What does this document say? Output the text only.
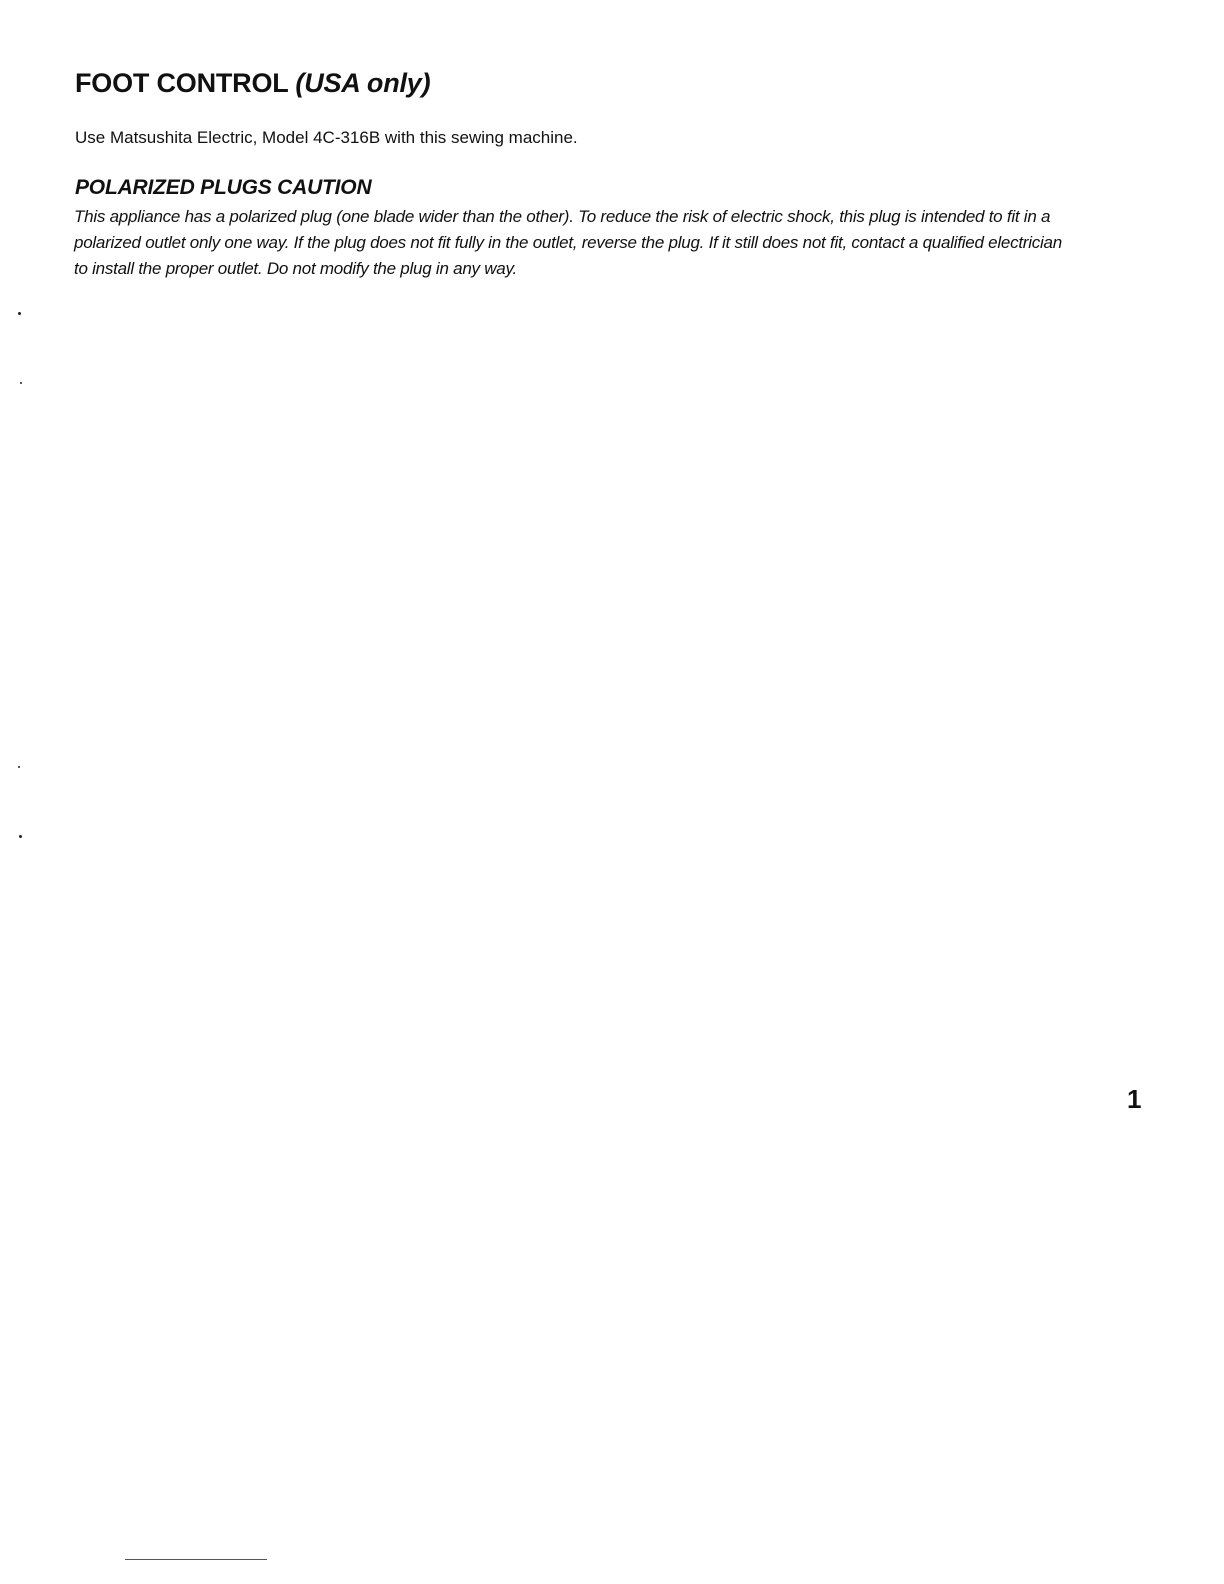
FOOT CONTROL (USA only)

Use Matsushita Electric, Model 4C-316B with this sewing machine.

POLARIZED PLUGS CAUTION

This appliance has a polarized plug (one blade wider than the other). To reduce the risk of electric shock, this plug is intended to fit in a
polarized outlet only one way. If the plug does not fit fully in the outlet, reverse the plug. If it still does not fit, contact a qualified electrician
to install the proper outlet. Do not modify the plug in any way.

1
